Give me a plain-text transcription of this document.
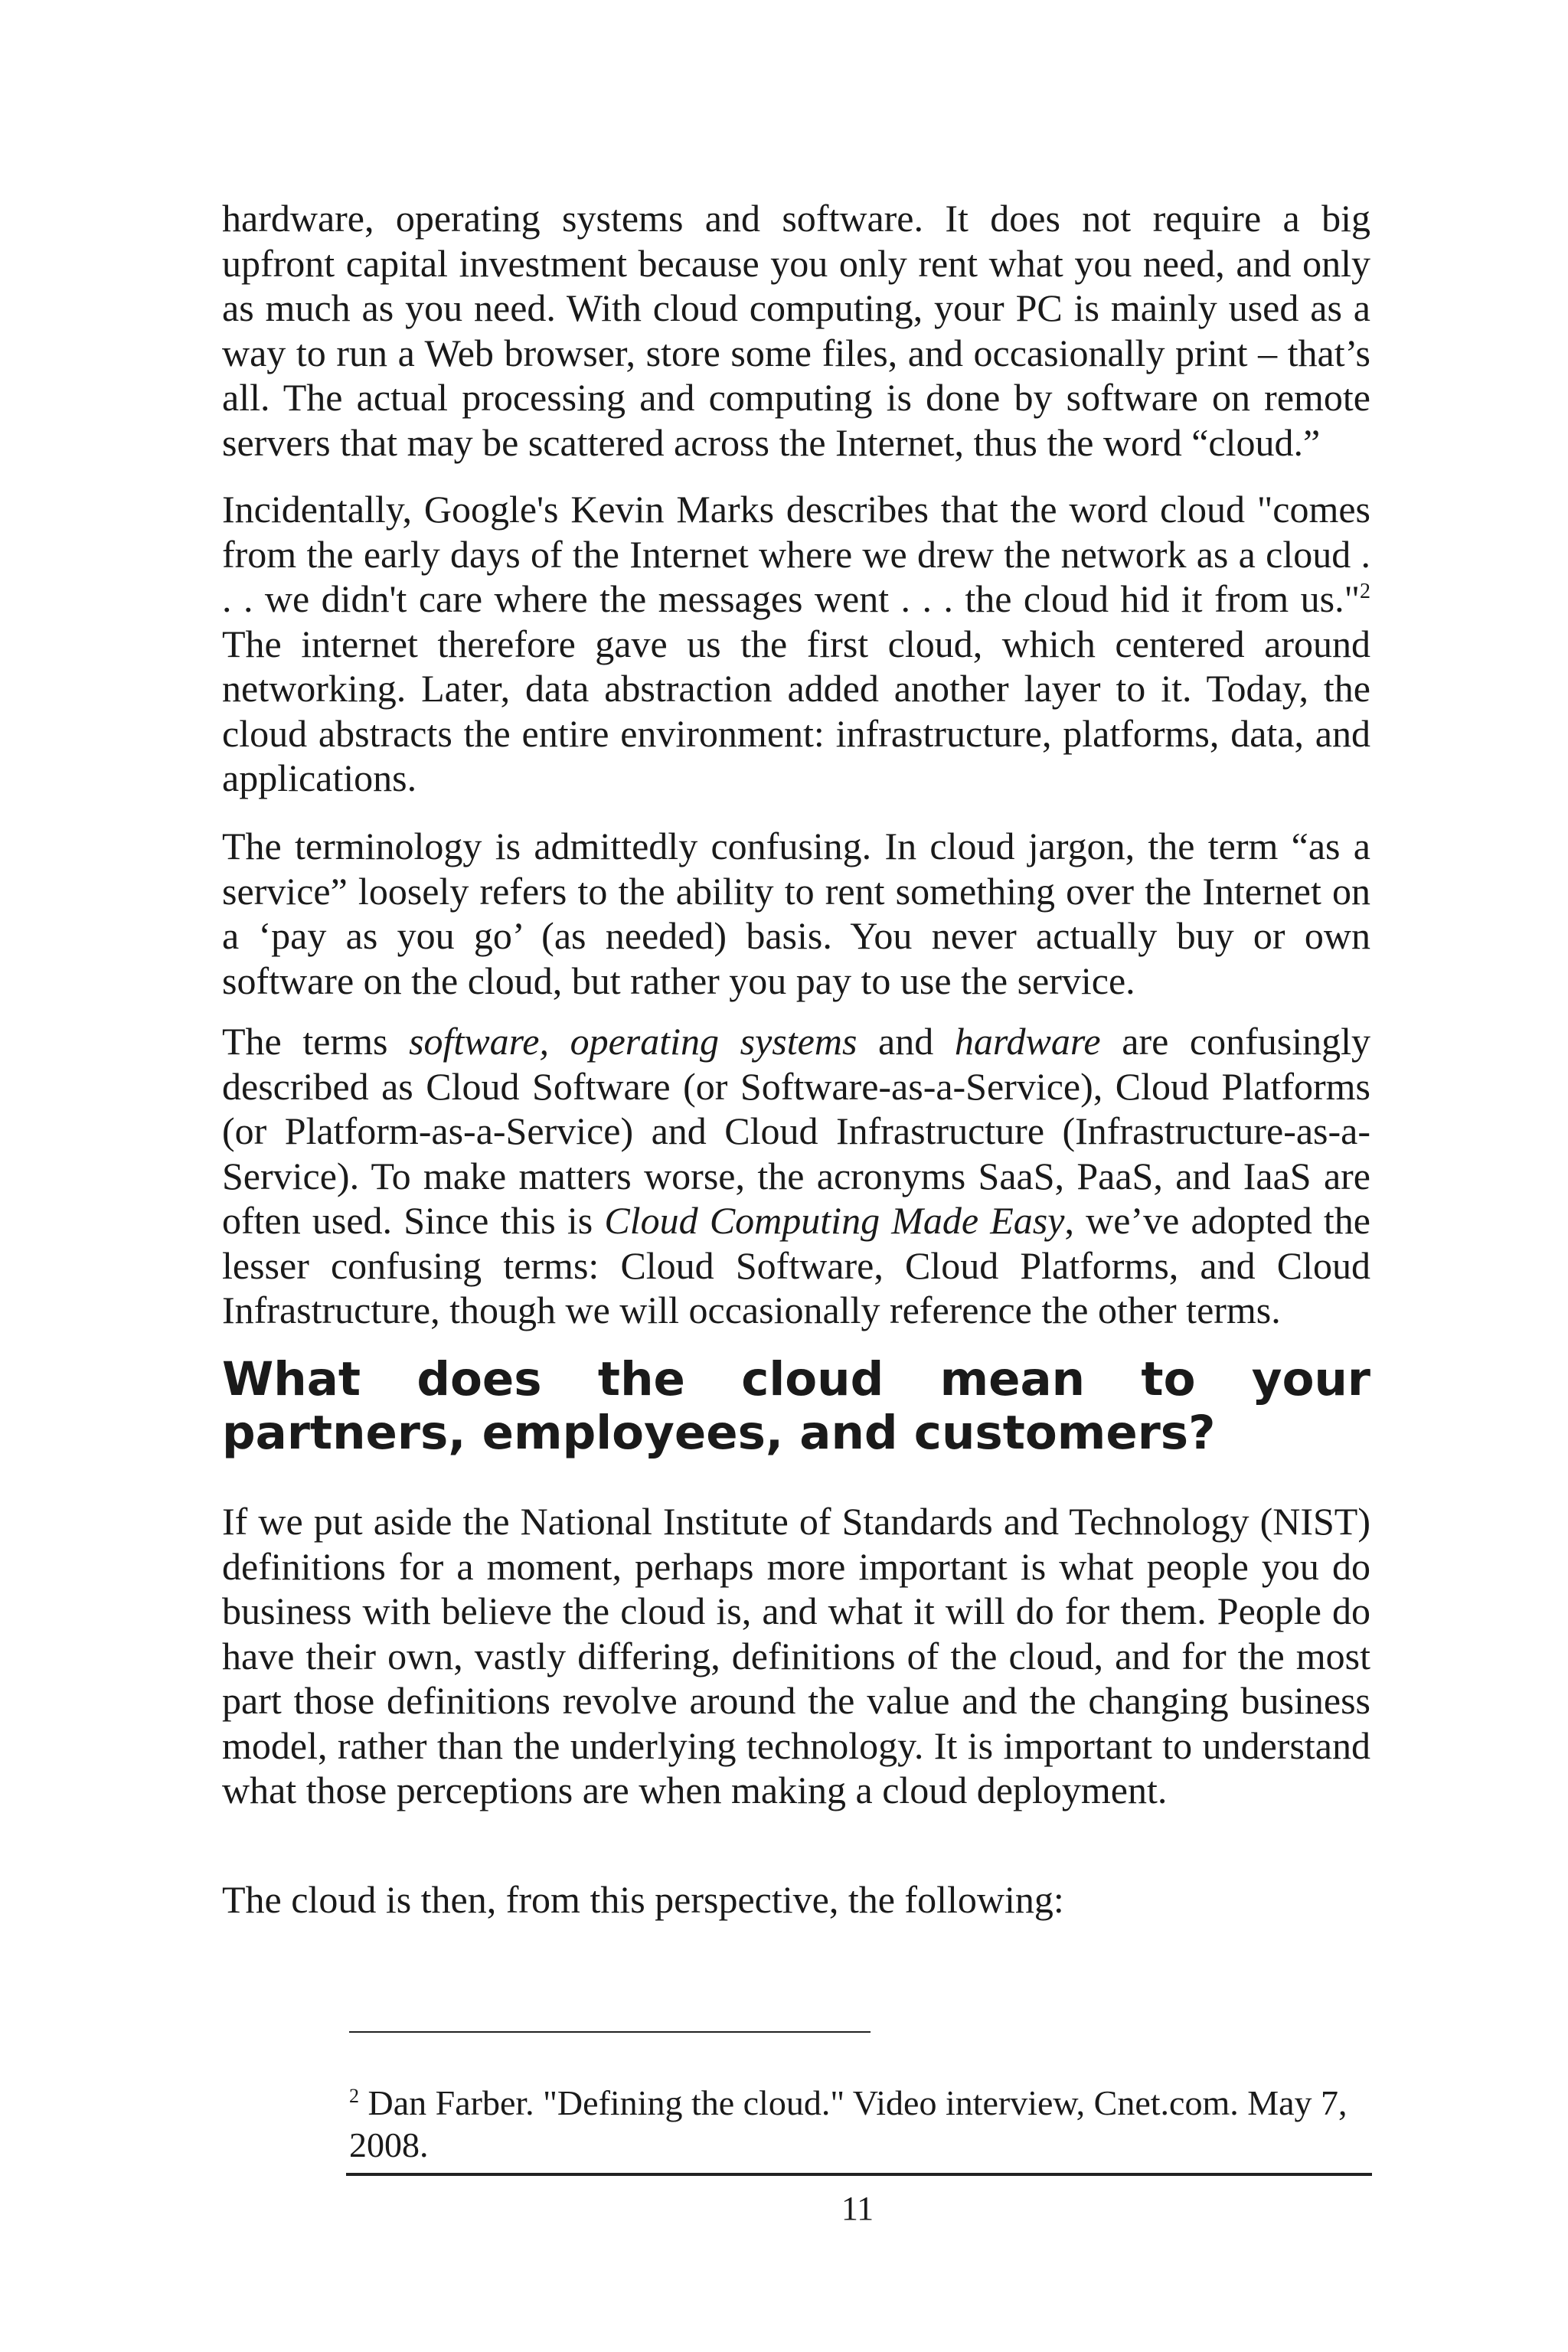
hardware, operating systems and software. It does not require a big upfront capital investment because you only rent what you need, and only as much as you need. With cloud computing, your PC is mainly used as a way to run a Web browser, store some files, and occasionally print – that’s all. The actual processing and computing is done by software on remote servers that may be scattered across the Internet, thus the word “cloud.”

Incidentally, Google's Kevin Marks describes that the word cloud "comes from the early days of the Internet where we drew the network as a cloud . . . we didn't care where the messages went . . . the cloud hid it from us."$^2$ The internet therefore gave us the first cloud, which centered around networking. Later, data abstraction added another layer to it. Today, the cloud abstracts the entire environment: infrastructure, platforms, data, and applications.

The terminology is admittedly confusing. In cloud jargon, the term “as a service” loosely refers to the ability to rent something over the Internet on a ‘pay as you go’ (as needed) basis. You never actually buy or own software on the cloud, but rather you pay to use the service.

The terms software, operating systems and hardware are confusingly described as Cloud Software (or Software-as-a-Service), Cloud Platforms (or Platform-as-a-Service) and Cloud Infrastructure (Infrastructure-as-a-Service). To make matters worse, the acronyms SaaS, PaaS, and IaaS are often used. Since this is Cloud Computing Made Easy, we’ve adopted the lesser confusing terms: Cloud Software, Cloud Platforms, and Cloud Infrastructure, though we will occasionally reference the other terms.

What does the cloud mean to your partners, employees, and customers?

If we put aside the National Institute of Standards and Technology (NIST) definitions for a moment, perhaps more important is what people you do business with believe the cloud is, and what it will do for them. People do have their own, vastly differing, definitions of the cloud, and for the most part those definitions revolve around the value and the changing business model, rather than the underlying technology. It is important to understand what those perceptions are when making a cloud deployment.

The cloud is then, from this perspective, the following:

$^2$ Dan Farber. "Defining the cloud." Video interview, Cnet.com. May 7, 2008.

11
